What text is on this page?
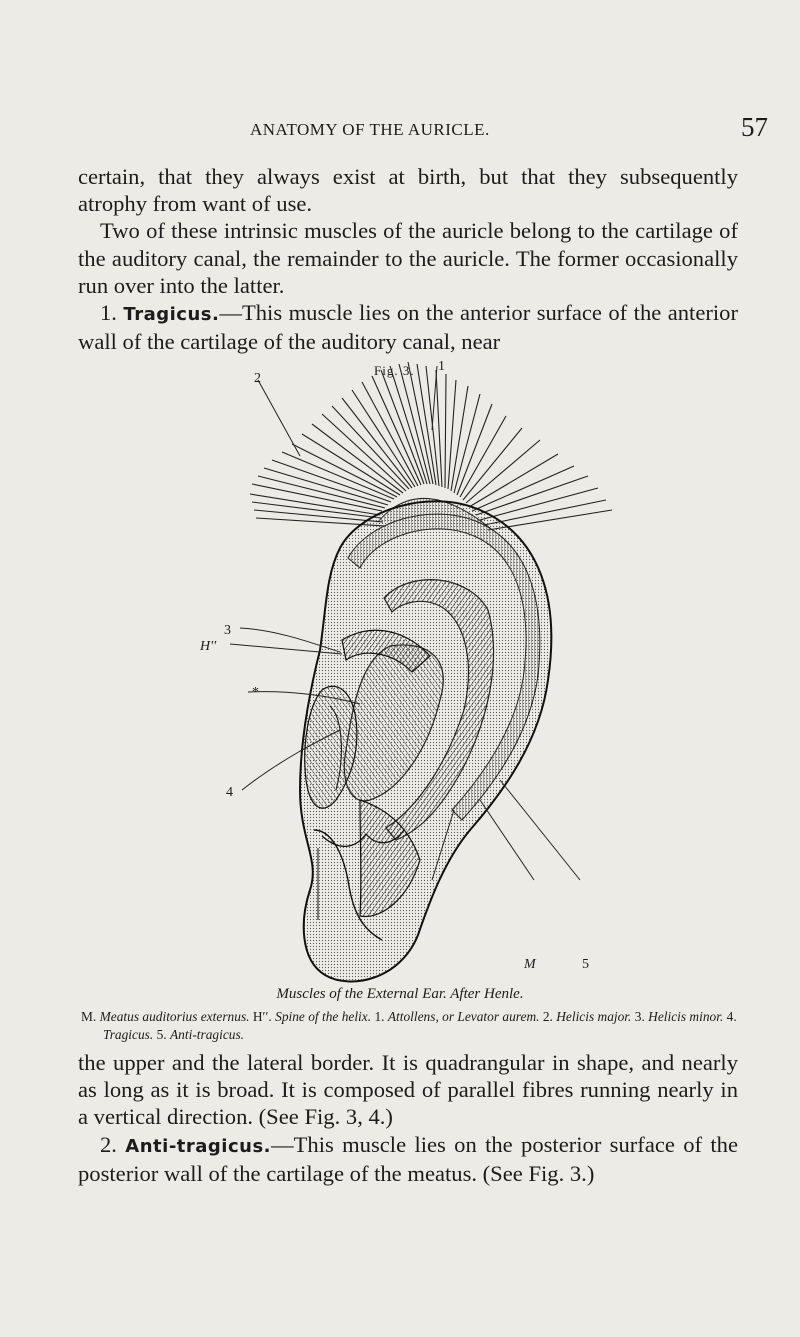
ANATOMY OF THE AURICLE.	57

certain, that they always exist at birth, but that they subsequently atrophy from want of use.

Two of these intrinsic muscles of the auricle belong to the cartilage of the auditory canal, the remainder to the auricle. The former occasionally run over into the latter.

1. Tragicus.—This muscle lies on the anterior surface of the anterior wall of the cartilage of the auditory canal, near

Fig. 3.
2
1
3
H′′
*
4
M	5
Muscles of the External Ear. After Henle.
M. Meatus auditorius externus. H′′. Spine of the helix. 1. Attollens, or Levator aurem. 2. Helicis major. 3. Helicis minor. 4. Tragicus. 5. Anti-tragicus.

the upper and the lateral border. It is quadrangular in shape, and nearly as long as it is broad. It is composed of parallel fibres running nearly in a vertical direction. (See Fig. 3, 4.)

2. Anti-tragicus.—This muscle lies on the posterior surface of the posterior wall of the cartilage of the meatus. (See Fig. 3.)
